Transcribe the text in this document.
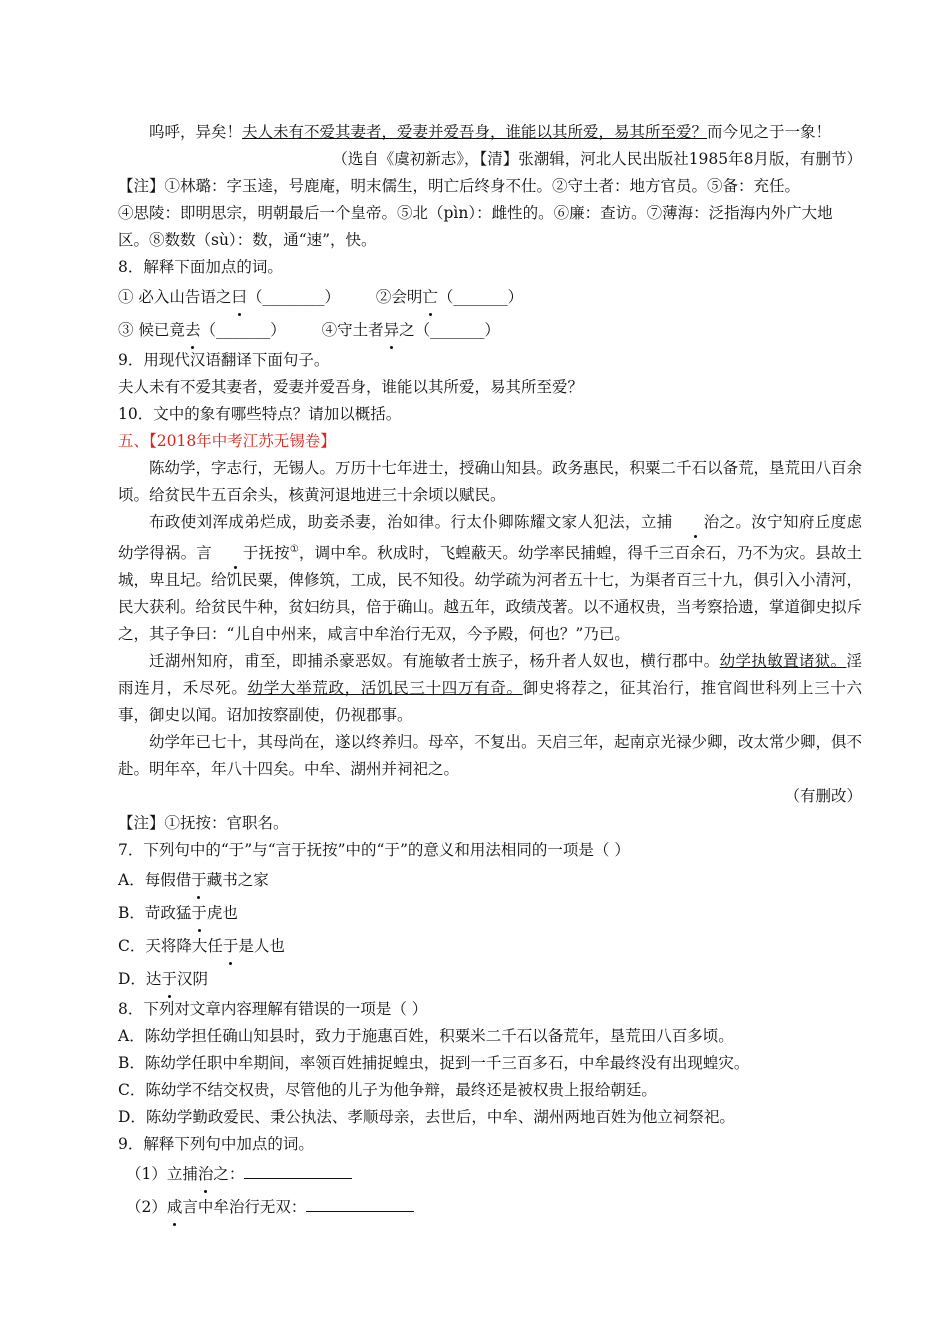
呜呼，异矣！夫人未有不爱其妻者，爱妻并爱吾身，谁能以其所爱，易其所至爱？而今见之于一象！

（选自《虞初新志》，【清】张潮辑，河北人民出版社1985年8月版，有删节）

【注】①林璐：字玉逵，号鹿庵，明末儒生，明亡后终身不仕。②守土者：地方官员。⑤备：充任。

④思陵：即明思宗，明朝最后一个皇帝。⑤北（pìn）：雌性的。⑥廉：查访。⑦薄海：泛指海内外广大地

区。⑧数数（sù）：数，通“速”，快。

8．解释下面加点的词。

① 必入山告语之曰（________） ②会明亡（_______）

③ 候已竟去（_______） ④守土者异之（_______）

9．用现代汉语翻译下面句子。

夫人未有不爱其妻者，爱妻并爱吾身，谁能以其所爱，易其所至爱？

10．文中的象有哪些特点？请加以概括。

五、【2018年中考江苏无锡卷】

陈幼学，字志行，无锡人。万历十七年进士，授确山知县。政务惠民，积粟二千石以备荒，垦荒田八百余顷。给贫民牛五百余头，核黄河退地进三十余顷以赋民。

布政使刘浑成弟烂成，助妾杀妻，治如律。行太仆卿陈耀文家人犯法，立捕 治之。汝宁知府丘度虑幼学得祸。言 于抚按①，调中牟。秋成时，飞蝗蔽天。幼学率民捕蝗，得千三百余石，乃不为灾。县故土城，卑且圮。给饥民粟，俾修筑，工成，民不知役。幼学疏为河者五十七，为渠者百三十九，俱引入小清河，民大获利。给贫民牛种，贫妇纺具，倍于确山。越五年，政绩茂著。以不通权贵，当考察拾遗，掌道御史拟斥之，其子争曰：“儿自中州来，咸言中牟治行无双，今予殿，何也？”乃已。

迁湖州知府，甫至，即捕杀豪恶奴。有施敏者士族子，杨升者人奴也，横行郡中。幼学执敏置诸狱。淫雨连月，禾尽死。幼学大举荒政，活饥民三十四万有奇。御史将荐之，征其治行，推官阎世科列上三十六事，御史以闻。诏加按察副使，仍视郡事。

幼学年已七十，其母尚在，遂以终养归。母卒，不复出。天启三年，起南京光禄少卿，改太常少卿，俱不赴。明年卒，年八十四矣。中牟、湖州并祠祀之。

（有删改）

【注】①抚按：官职名。

7．下列句中的“于”与“言于抚按”中的“于”的意义和用法相同的一项是（ ）

A．每假借于藏书之家

B．苛政猛于虎也

C．天将降大任于是人也

D．达于汉阴

8．下列对文章内容理解有错误的一项是（ ）

A．陈幼学担任确山知县时，致力于施惠百姓，积粟米二千石以备荒年，垦荒田八百多顷。

B．陈幼学任职中牟期间，率领百姓捕捉蝗虫，捉到一千三百多石，中牟最终没有出现蝗灾。

C．陈幼学不结交权贵，尽管他的儿子为他争辩，最终还是被权贵上报给朝廷。

D．陈幼学勤政爱民、秉公执法、孝顺母亲，去世后，中牟、湖州两地百姓为他立祠祭祀。

9．解释下列句中加点的词。

（1）立捕治之：

（2）咸言中牟治行无双：
